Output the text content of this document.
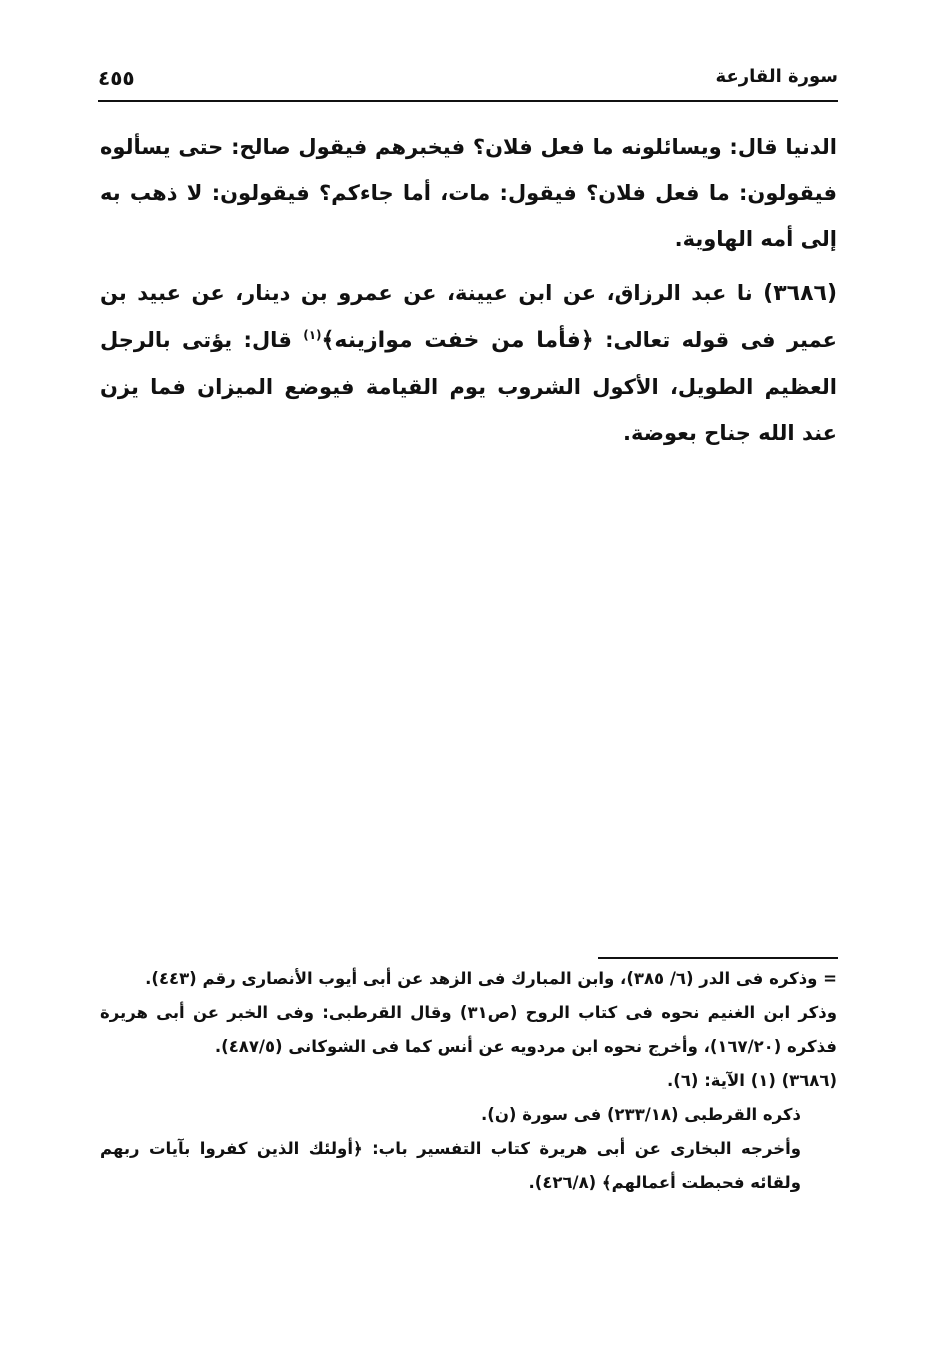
سورة القارعة
٤٥٥

الدنيا قال: ويسائلونه ما فعل فلان؟ فيخبرهم فيقول صالح: حتى يسألوه فيقولون: ما فعل فلان؟ فيقول: مات، أما جاءكم؟ فيقولون: لا ذهب به إلى أمه الهاوية.

(٣٦٨٦) نا عبد الرزاق، عن ابن عيينة، عن عمرو بن دينار، عن عبيد بن عمير فى قوله تعالى: ﴿فأما من خفت موازينه﴾$^{(١)}$ قال: يؤتى بالرجل العظيم الطويل، الأكول الشروب يوم القيامة فيوضع الميزان فما يزن عند الله جناح بعوضة.

= وذكره فى الدر (٦/ ٣٨٥)، وابن المبارك فى الزهد عن أبى أيوب الأنصارى رقم (٤٤٣).

وذكر ابن الغنيم نحوه فى كتاب الروح (ص٣١) وقال القرطبى: وفى الخبر عن أبى هريرة فذكره (١٦٧/٢٠)، وأخرج نحوه ابن مردويه عن أنس كما فى الشوكانى (٤٨٧/٥).

(٣٦٨٦) (١) الآية: (٦).

ذكره القرطبى (٢٣٣/١٨) فى سورة (ن).

وأخرجه البخارى عن أبى هريرة كتاب التفسير باب: ﴿أولئك الذين كفروا بآيات ربهم ولقائه فحبطت أعمالهم﴾ (٤٢٦/٨).
